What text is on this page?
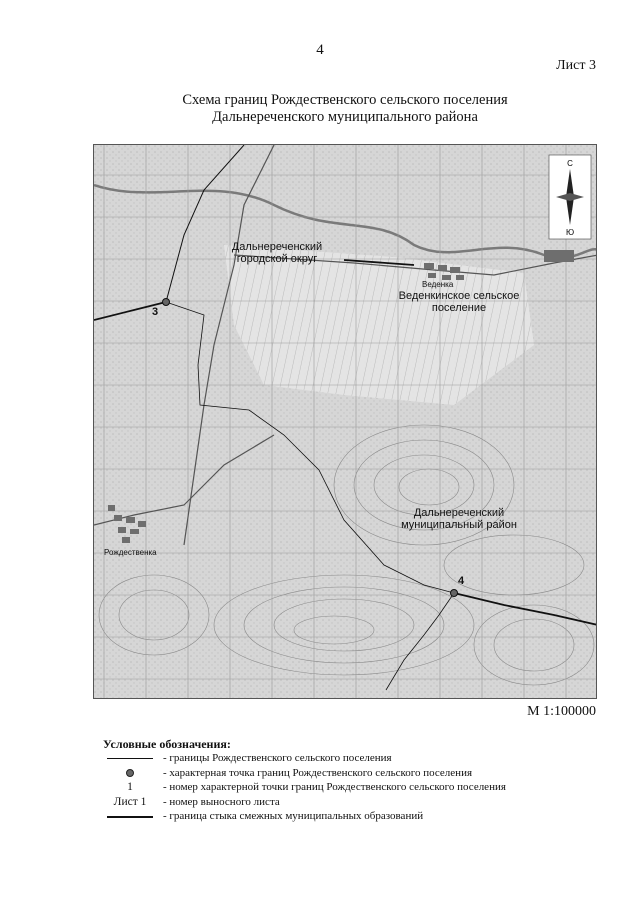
4
Лист 3
Схема границ Рождественского сельского поселения
Дальнереченского муниципального района
С
Ю
Дальнереченский городской округ
Веденкинское сельское поселение
Дальнереченский муниципальный район
Рождественка
Веденка
3
4
М 1:100000
Условные обозначения:
- границы Рождественского сельского поселения
- характерная точка границ Рождественского сельского поселения
1	- номер характерной точки границ Рождественского сельского поселения
Лист 1	- номер выносного листа
- граница стыка смежных муниципальных образований
